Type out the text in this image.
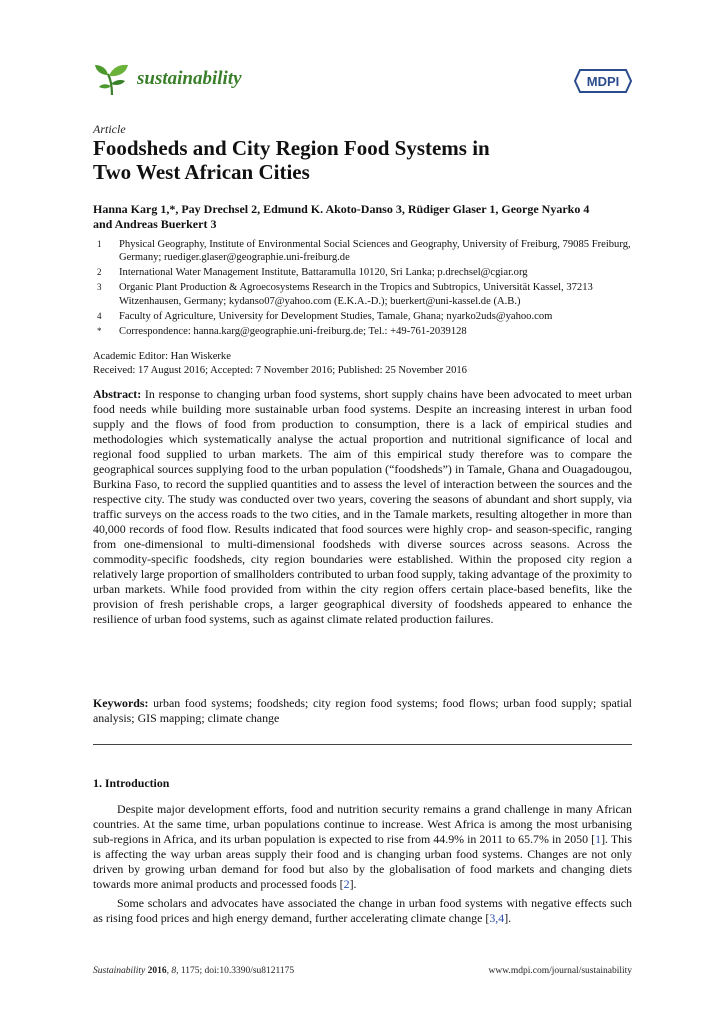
sustainability	MDPI
Article
Foodsheds and City Region Food Systems in
Two West African Cities
Hanna Karg 1,*, Pay Drechsel 2, Edmund K. Akoto-Danso 3, Rüdiger Glaser 1, George Nyarko 4
and Andreas Buerkert 3
1	Physical Geography, Institute of Environmental Social Sciences and Geography, University of Freiburg, 79085 Freiburg, Germany; ruediger.glaser@geographie.uni-freiburg.de
2	International Water Management Institute, Battaramulla 10120, Sri Lanka; p.drechsel@cgiar.org
3	Organic Plant Production & Agroecosystems Research in the Tropics and Subtropics, Universität Kassel, 37213 Witzenhausen, Germany; kydanso07@yahoo.com (E.K.A.-D.); buerkert@uni-kassel.de (A.B.)
4	Faculty of Agriculture, University for Development Studies, Tamale, Ghana; nyarko2uds@yahoo.com
*	Correspondence: hanna.karg@geographie.uni-freiburg.de; Tel.: +49-761-2039128
Academic Editor: Han Wiskerke
Received: 17 August 2016; Accepted: 7 November 2016; Published: 25 November 2016

Abstract: In response to changing urban food systems, short supply chains have been advocated to meet urban food needs while building more sustainable urban food systems. Despite an increasing interest in urban food supply and the flows of food from production to consumption, there is a lack of empirical studies and methodologies which systematically analyse the actual proportion and nutritional significance of local and regional food supplied to urban markets. The aim of this empirical study therefore was to compare the geographical sources supplying food to the urban population (“foodsheds”) in Tamale, Ghana and Ouagadougou, Burkina Faso, to record the supplied quantities and to assess the level of interaction between the sources and the respective city. The study was conducted over two years, covering the seasons of abundant and short supply, via traffic surveys on the access roads to the two cities, and in the Tamale markets, resulting altogether in more than 40,000 records of food flow. Results indicated that food sources were highly crop- and season-specific, ranging from one-dimensional to multi-dimensional foodsheds with diverse sources across seasons. Across the commodity-specific foodsheds, city region boundaries were established. Within the proposed city region a relatively large proportion of smallholders contributed to urban food supply, taking advantage of the proximity to urban markets. While food provided from within the city region offers certain place-based benefits, like the provision of fresh perishable crops, a larger geographical diversity of foodsheds appeared to enhance the resilience of urban food systems, such as against climate related production failures.

Keywords: urban food systems; foodsheds; city region food systems; food flows; urban food supply; spatial analysis; GIS mapping; climate change

1. Introduction

Despite major development efforts, food and nutrition security remains a grand challenge in many African countries. At the same time, urban populations continue to increase. West Africa is among the most urbanising sub-regions in Africa, and its urban population is expected to rise from 44.9% in 2011 to 65.7% in 2050 [1]. This is affecting the way urban areas supply their food and is changing urban food systems. Changes are not only driven by growing urban demand for food but also by the globalisation of food markets and changing diets towards more animal products and processed foods [2].

Some scholars and advocates have associated the change in urban food systems with negative effects such as rising food prices and high energy demand, further accelerating climate change [3,4].

Sustainability 2016, 8, 1175; doi:10.3390/su8121175	www.mdpi.com/journal/sustainability
